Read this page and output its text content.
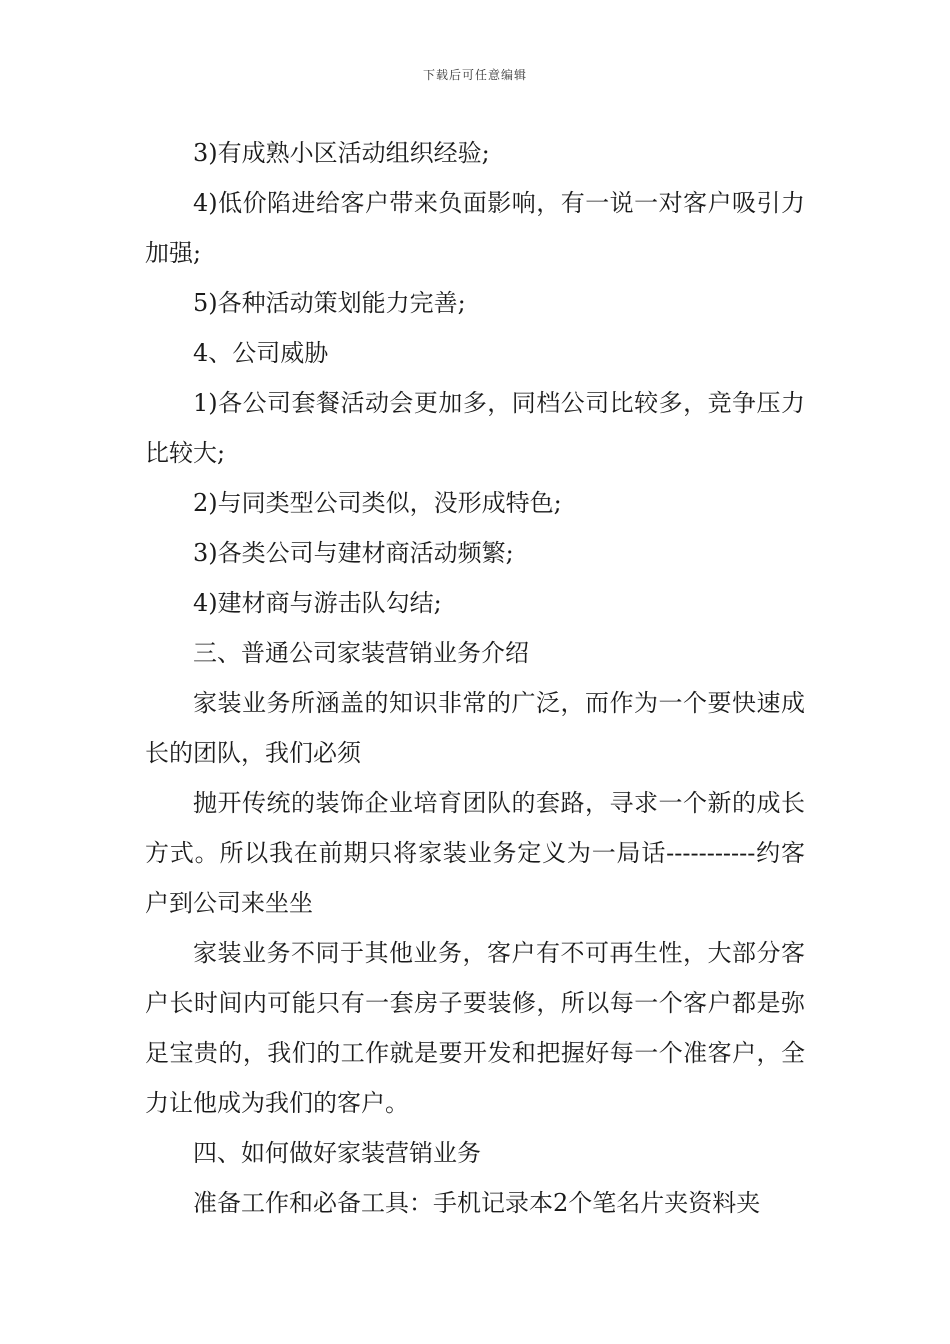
下载后可任意编辑

3)有成熟小区活动组织经验;

4)低价陷进给客户带来负面影响，有一说一对客户吸引力加强;

5)各种活动策划能力完善;

4、公司威胁

1)各公司套餐活动会更加多，同档公司比较多，竞争压力比较大;

2)与同类型公司类似，没形成特色;

3)各类公司与建材商活动频繁;

4)建材商与游击队勾结;

三、普通公司家装营销业务介绍

家装业务所涵盖的知识非常的广泛，而作为一个要快速成长的团队，我们必须

抛开传统的装饰企业培育团队的套路，寻求一个新的成长方式。所以我在前期只将家装业务定义为一局话-----------约客户到公司来坐坐

家装业务不同于其他业务，客户有不可再生性，大部分客户长时间内可能只有一套房子要装修，所以每一个客户都是弥足宝贵的，我们的工作就是要开发和把握好每一个准客户，全力让他成为我们的客户。

四、如何做好家装营销业务

准备工作和必备工具：手机记录本2个笔名片夹资料夹
